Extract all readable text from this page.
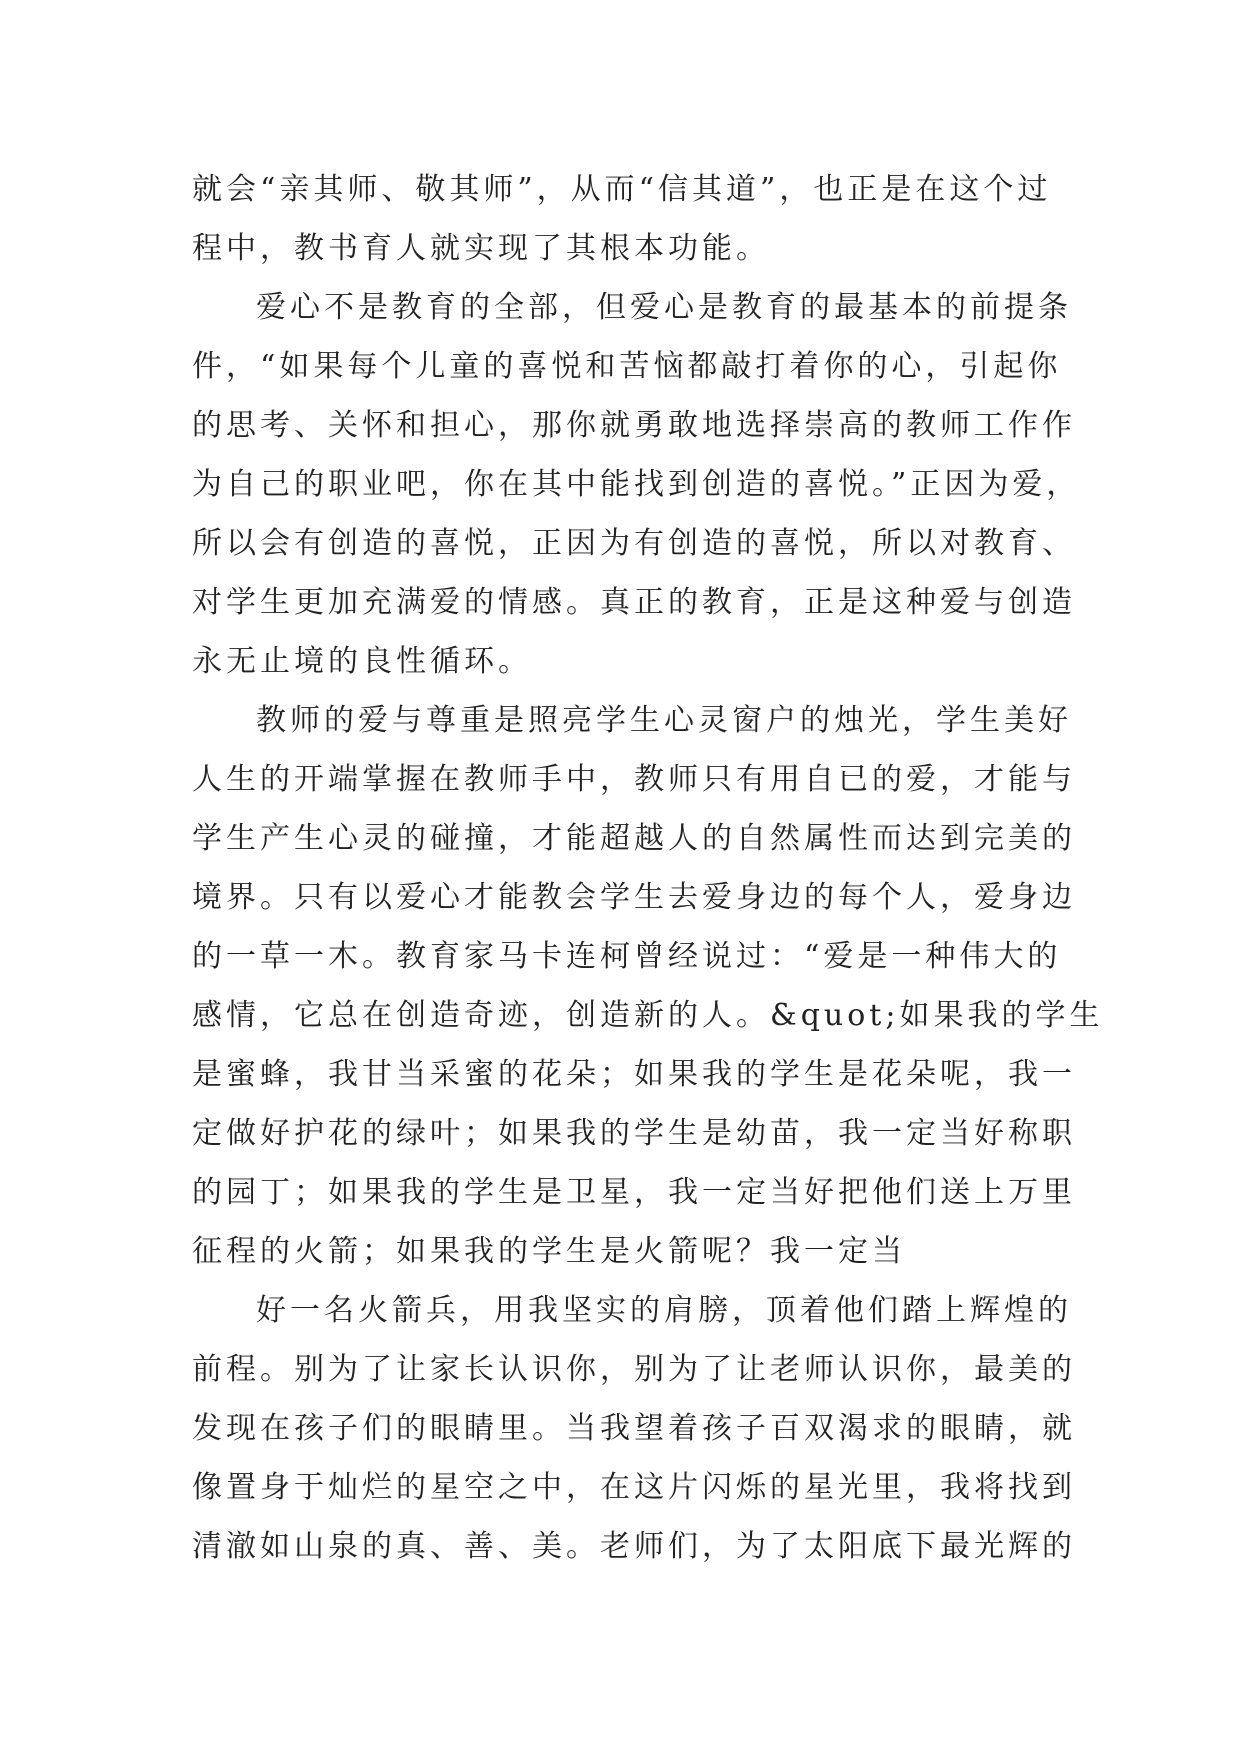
就会“亲其师、敬其师”，从而“信其道”，也正是在这个过
程中，教书育人就实现了其根本功能。
爱心不是教育的全部，但爱心是教育的最基本的前提条
件，“如果每个儿童的喜悦和苦恼都敲打着你的心，引起你
的思考、关怀和担心，那你就勇敢地选择崇高的教师工作作
为自己的职业吧，你在其中能找到创造的喜悦。”正因为爱，
所以会有创造的喜悦，正因为有创造的喜悦，所以对教育、
对学生更加充满爱的情感。真正的教育，正是这种爱与创造
永无止境的良性循环。
教师的爱与尊重是照亮学生心灵窗户的烛光，学生美好
人生的开端掌握在教师手中，教师只有用自已的爱，才能与
学生产生心灵的碰撞，才能超越人的自然属性而达到完美的
境界。只有以爱心才能教会学生去爱身边的每个人，爱身边
的一草一木。教育家马卡连柯曾经说过：“爱是一种伟大的
感情，它总在创造奇迹，创造新的人。&quot;如果我的学生
是蜜蜂，我甘当采蜜的花朵；如果我的学生是花朵呢，我一
定做好护花的绿叶；如果我的学生是幼苗，我一定当好称职
的园丁；如果我的学生是卫星，我一定当好把他们送上万里
征程的火箭；如果我的学生是火箭呢？我一定当
好一名火箭兵，用我坚实的肩膀，顶着他们踏上辉煌的
前程。别为了让家长认识你，别为了让老师认识你，最美的
发现在孩子们的眼睛里。当我望着孩子百双渴求的眼睛，就
像置身于灿烂的星空之中，在这片闪烁的星光里，我将找到
清澈如山泉的真、善、美。老师们，为了太阳底下最光辉的
